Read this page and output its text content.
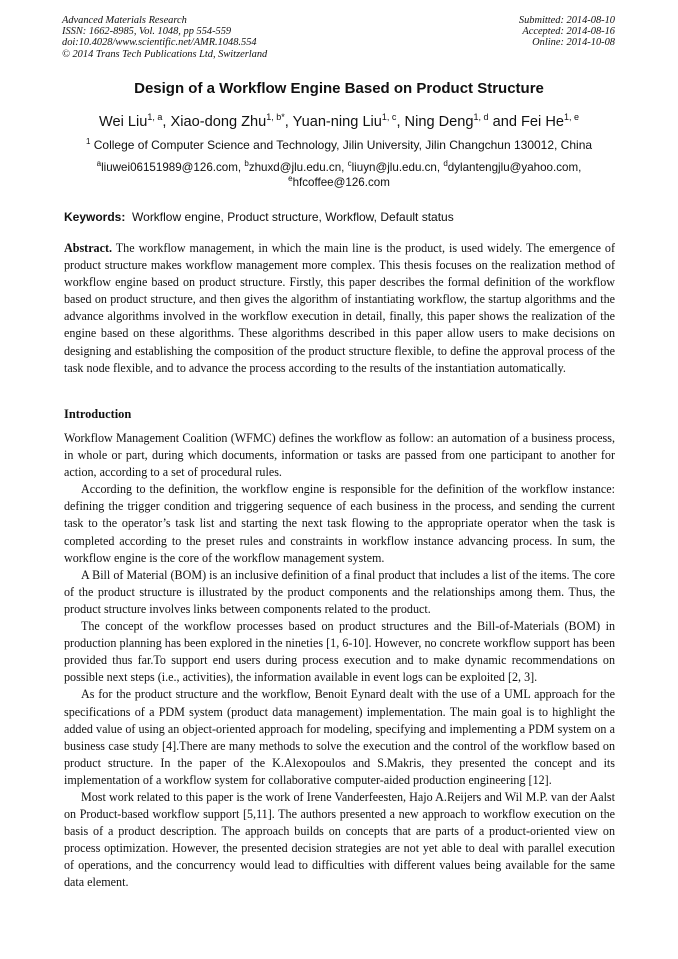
Advanced Materials Research
ISSN: 1662-8985, Vol. 1048, pp 554-559
doi:10.4028/www.scientific.net/AMR.1048.554
© 2014 Trans Tech Publications Ltd, Switzerland
Submitted: 2014-08-10
Accepted: 2014-08-16
Online: 2014-10-08
Design of a Workflow Engine Based on Product Structure
Wei Liu$^{1, a}$, Xiao-dong Zhu$^{1, b*}$, Yuan-ning Liu$^{1, c}$, Ning Deng$^{1, d}$ and Fei He$^{1, e}$
$^1$ College of Computer Science and Technology, Jilin University, Jilin Changchun 130012, China
$^a$liuwei06151989@126.com, $^b$zhuxd@jlu.edu.cn, $^c$liuyn@jlu.edu.cn, $^d$dylantengjlu@yahoo.com,
$^e$hfcoffee@126.com
Keywords: Workflow engine, Product structure, Workflow, Default status
Abstract. The workflow management, in which the main line is the product, is used widely. The emergence of product structure makes workflow management more complex. This thesis focuses on the realization method of workflow engine based on product structure. Firstly, this paper describes the formal definition of the workflow based on product structure, and then gives the algorithm of instantiating workflow, the startup algorithms and the advance algorithms involved in the workflow execution in detail, finally, this paper shows the realization of the engine based on these algorithms. These algorithms described in this paper allow users to make decisions on designing and establishing the composition of the product structure flexible, to define the approval process of the task node flexible, and to advance the process according to the results of the instantiation automatically.
Introduction

Workflow Management Coalition (WFMC) defines the workflow as follow: an automation of a business process, in whole or part, during which documents, information or tasks are passed from one participant to another for action, according to a set of procedural rules.

According to the definition, the workflow engine is responsible for the definition of the workflow instance: defining the trigger condition and triggering sequence of each business in the process, and sending the current task to the operator’s task list and starting the next task flowing to the appropriate operator when the task is completed according to the preset rules and constraints in workflow instance advancing process. In sum, the workflow engine is the core of the workflow management system.

A Bill of Material (BOM) is an inclusive definition of a final product that includes a list of the items. The core of the product structure is illustrated by the product components and the relationships among them. Thus, the product structure involves links between components related to the product.

The concept of the workflow processes based on product structures and the Bill-of-Materials (BOM) in production planning has been explored in the nineties [1, 6-10]. However, no concrete workflow support has been provided thus far.To support end users during process execution and to make dynamic recommendations on possible next steps (i.e., activities), the information available in event logs can be exploited [2, 3].

As for the product structure and the workflow, Benoit Eynard dealt with the use of a UML approach for the specifications of a PDM system (product data management) implementation. The main goal is to highlight the added value of using an object-oriented approach for modeling, specifying and implementing a PDM system on a business case study [4].There are many methods to solve the execution and the control of the workflow based on product structure. In the paper of the K.Alexopoulos and S.Makris, they presented the concept and its implementation of a workflow system for collaborative computer-aided production engineering [12].

Most work related to this paper is the work of Irene Vanderfeesten, Hajo A.Reijers and Wil M.P. van der Aalst on Product-based workflow support [5,11]. The authors presented a new approach to workflow execution on the basis of a product description. The approach builds on concepts that are parts of a product-oriented view on process optimization. However, the presented decision strategies are not yet able to deal with parallel execution of operations, and the concurrency would lead to difficulties with different values being available for the same data element.
